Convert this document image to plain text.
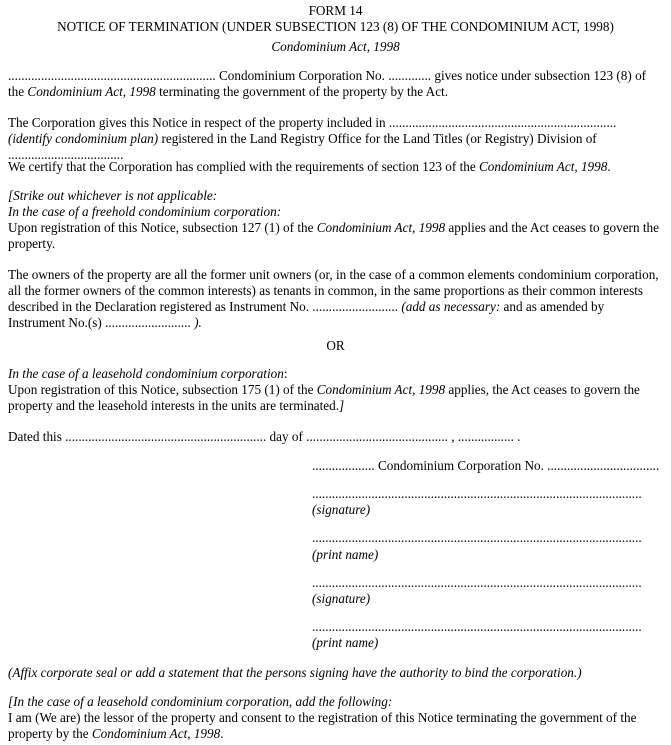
FORM 14
NOTICE OF TERMINATION (UNDER SUBSECTION 123 (8) OF THE CONDOMINIUM ACT, 1998)
Condominium Act, 1998

............................................................... Condominium Corporation No. ............. gives notice under subsection 123 (8) of the Condominium Act, 1998 terminating the government of the property by the Act.

The Corporation gives this Notice in respect of the property included in ..................................................................... (identify condominium plan) registered in the Land Registry Office for the Land Titles (or Registry) Division of ...................................

We certify that the Corporation has complied with the requirements of section 123 of the Condominium Act, 1998.

[Strike out whichever is not applicable:

In the case of a freehold condominium corporation:

Upon registration of this Notice, subsection 127 (1) of the Condominium Act, 1998 applies and the Act ceases to govern the property.

The owners of the property are all the former unit owners (or, in the case of a common elements condominium corporation, all the former owners of the common interests) as tenants in common, in the same proportions as their common interests described in the Declaration registered as Instrument No. .......................... (add as necessary: and as amended by Instrument No.(s) .......................... ).

OR

In the case of a leasehold condominium corporation:

Upon registration of this Notice, subsection 175 (1) of the Condominium Act, 1998 applies, the Act ceases to govern the property and the leasehold interests in the units are terminated.]

Dated this ............................................................. day of ........................................... , ................. .

................... Condominium Corporation No. ..................................

....................................................................................................

(signature)

....................................................................................................

(print name)

....................................................................................................

(signature)

....................................................................................................

(print name)

(Affix corporate seal or add a statement that the persons signing have the authority to bind the corporation.)

[In the case of a leasehold condominium corporation, add the following:

I am (We are) the lessor of the property and consent to the registration of this Notice terminating the government of the property by the Condominium Act, 1998.
